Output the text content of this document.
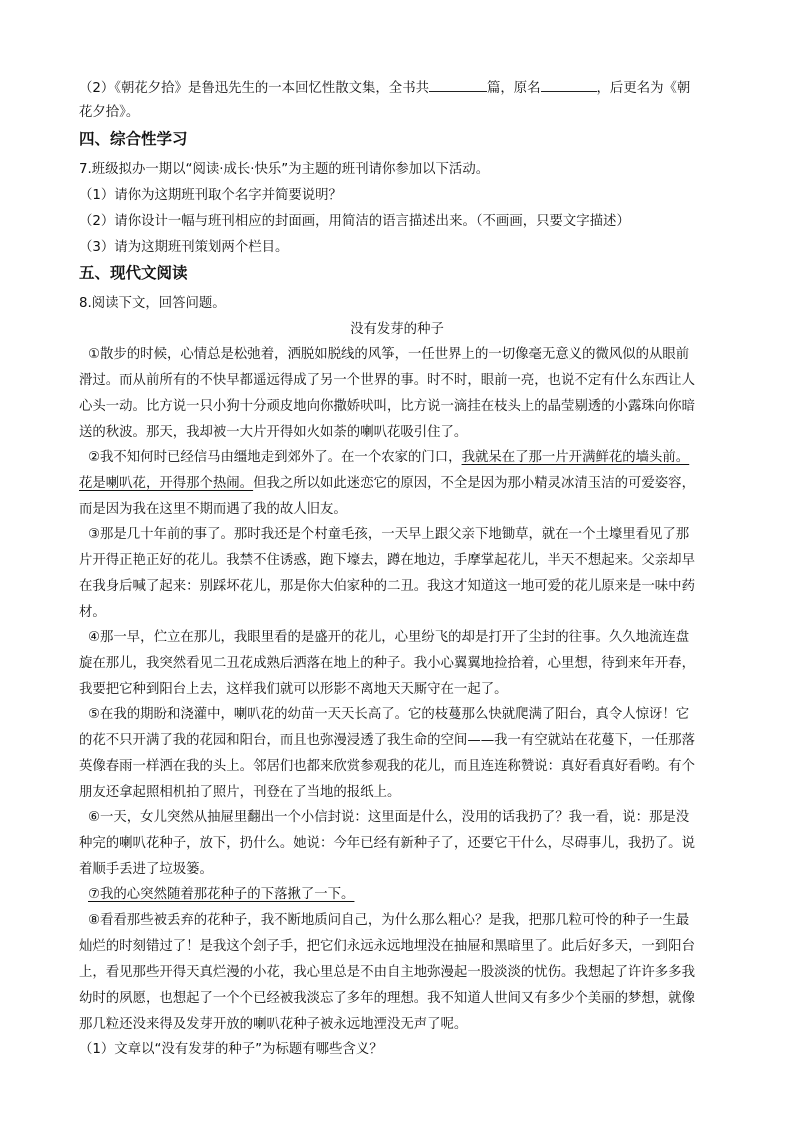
（2）《朝花夕拾》是鲁迅先生的一本回忆性散文集，全书共	篇，原名	，后更名为《朝
花夕拾》。
四、综合性学习
7.班级拟办一期以“阅读·成长·快乐”为主题的班刊请你参加以下活动。
（1）请你为这期班刊取个名字并简要说明？
（2）请你设计一幅与班刊相应的封面画，用简洁的语言描述出来。（不画画，只要文字描述）
（3）请为这期班刊策划两个栏目。
五、现代文阅读
8.阅读下文，回答问题。
没有发芽的种子
①散步的时候，心情总是松弛着，洒脱如脱线的风筝，一任世界上的一切像毫无意义的微风似的从眼前
滑过。而从前所有的不快早都遥远得成了另一个世界的事。时不时，眼前一亮，也说不定有什么东西让人
心头一动。比方说一只小狗十分顽皮地向你撒娇吠叫，比方说一滴挂在枝头上的晶莹剔透的小露珠向你暗
送的秋波。那天，我却被一大片开得如火如荼的喇叭花吸引住了。
②我不知何时已经信马由缰地走到郊外了。在一个农家的门口，我就呆在了那一片开满鲜花的墙头前。
花是喇叭花，开得那个热闹。但我之所以如此迷恋它的原因，不全是因为那小精灵冰清玉洁的可爱姿容，
而是因为我在这里不期而遇了我的故人旧友。
③那是几十年前的事了。那时我还是个村童毛孩，一天早上跟父亲下地锄草，就在一个土壕里看见了那
片开得正艳正好的花儿。我禁不住诱惑，跑下壕去，蹲在地边，手摩掌起花儿，半天不想起来。父亲却早
在我身后喊了起来：别踩坏花儿，那是你大伯家种的二丑。我这才知道这一地可爱的花儿原来是一味中药
材。
④那一早，伫立在那儿，我眼里看的是盛开的花儿，心里纷飞的却是打开了尘封的往事。久久地流连盘
旋在那儿，我突然看见二丑花成熟后洒落在地上的种子。我小心翼翼地捡拾着，心里想，待到来年开春，
我要把它种到阳台上去，这样我们就可以形影不离地天天厮守在一起了。
⑤在我的期盼和浇灌中，喇叭花的幼苗一天天长高了。它的枝蔓那么快就爬满了阳台，真令人惊讶！它
的花不只开满了我的花园和阳台，而且也弥漫浸透了我生命的空间——我一有空就站在花蔓下，一任那落
英像春雨一样洒在我的头上。邻居们也都来欣赏参观我的花儿，而且连连称赞说：真好看真好看哟。有个
朋友还拿起照相机拍了照片，刊登在了当地的报纸上。
⑥一天，女儿突然从抽屉里翻出一个小信封说：这里面是什么，没用的话我扔了？我一看，说：那是没
种完的喇叭花种子，放下，扔什么。她说：今年已经有新种子了，还要它干什么，尽碍事儿，我扔了。说
着顺手丢进了垃圾篓。
⑦我的心突然随着那花种子的下落揪了一下。
⑧看看那些被丢弃的花种子，我不断地质问自己，为什么那么粗心？是我，把那几粒可怜的种子一生最
灿烂的时刻错过了！是我这个刽子手，把它们永远永远地埋没在抽屉和黑暗里了。此后好多天，一到阳台
上，看见那些开得天真烂漫的小花，我心里总是不由自主地弥漫起一股淡淡的忧伤。我想起了许许多多我
幼时的夙愿，也想起了一个个已经被我淡忘了多年的理想。我不知道人世间又有多少个美丽的梦想，就像
那几粒还没来得及发芽开放的喇叭花种子被永远地湮没无声了呢。
（1）文章以“没有发芽的种子”为标题有哪些含义？
